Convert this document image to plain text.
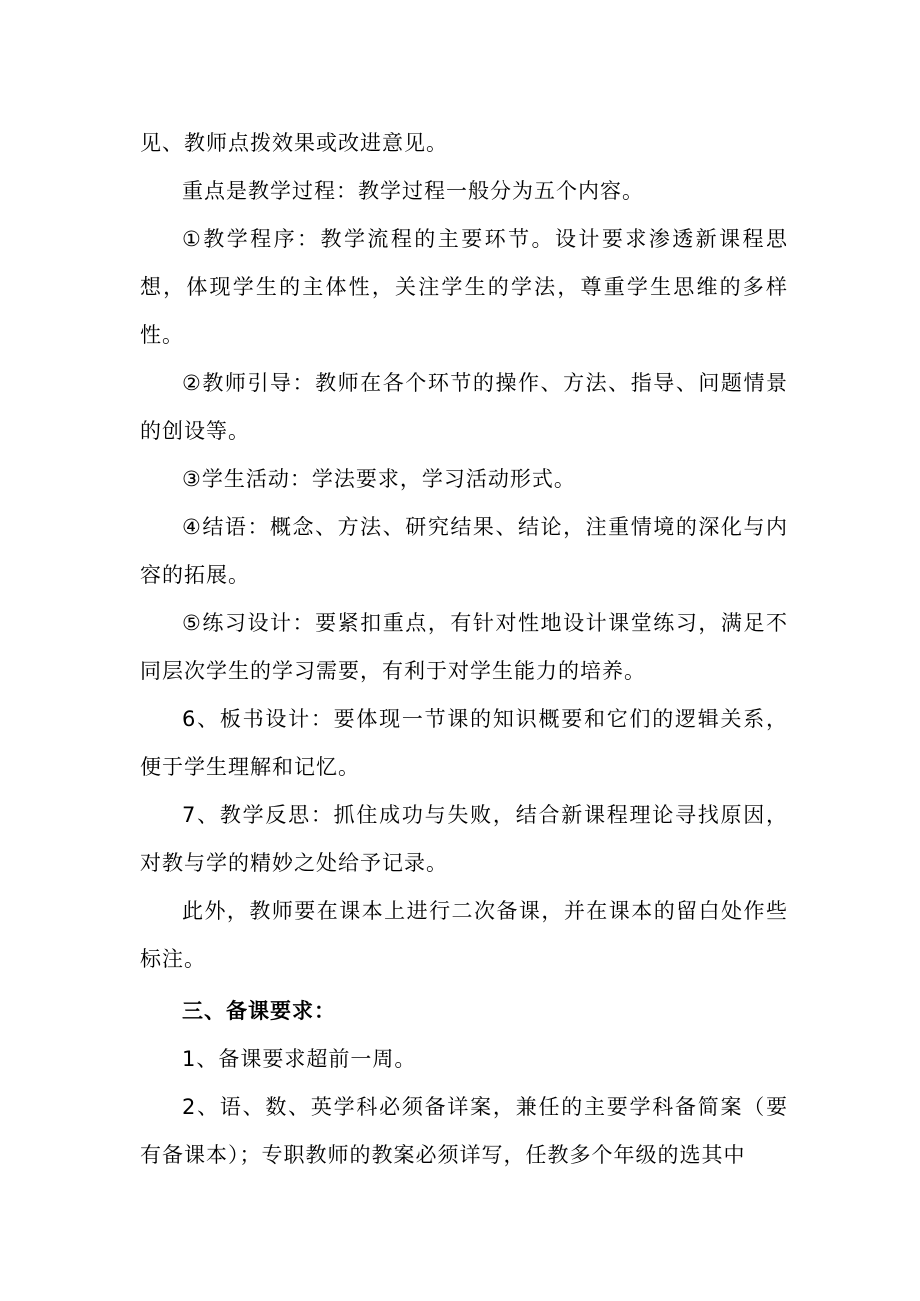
见、教师点拨效果或改进意见。

重点是教学过程：教学过程一般分为五个内容。

①教学程序：教学流程的主要环节。设计要求渗透新课程思想，体现学生的主体性，关注学生的学法，尊重学生思维的多样性。

②教师引导：教师在各个环节的操作、方法、指导、问题情景的创设等。

③学生活动：学法要求，学习活动形式。

④结语：概念、方法、研究结果、结论，注重情境的深化与内容的拓展。

⑤练习设计：要紧扣重点，有针对性地设计课堂练习，满足不同层次学生的学习需要，有利于对学生能力的培养。

6、板书设计：要体现一节课的知识概要和它们的逻辑关系，便于学生理解和记忆。

7、教学反思：抓住成功与失败，结合新课程理论寻找原因，对教与学的精妙之处给予记录。

此外，教师要在课本上进行二次备课，并在课本的留白处作些标注。

三、备课要求：

1、备课要求超前一周。

2、语、数、英学科必须备详案，兼任的主要学科备简案（要有备课本）；专职教师的教案必须详写，任教多个年级的选其中
